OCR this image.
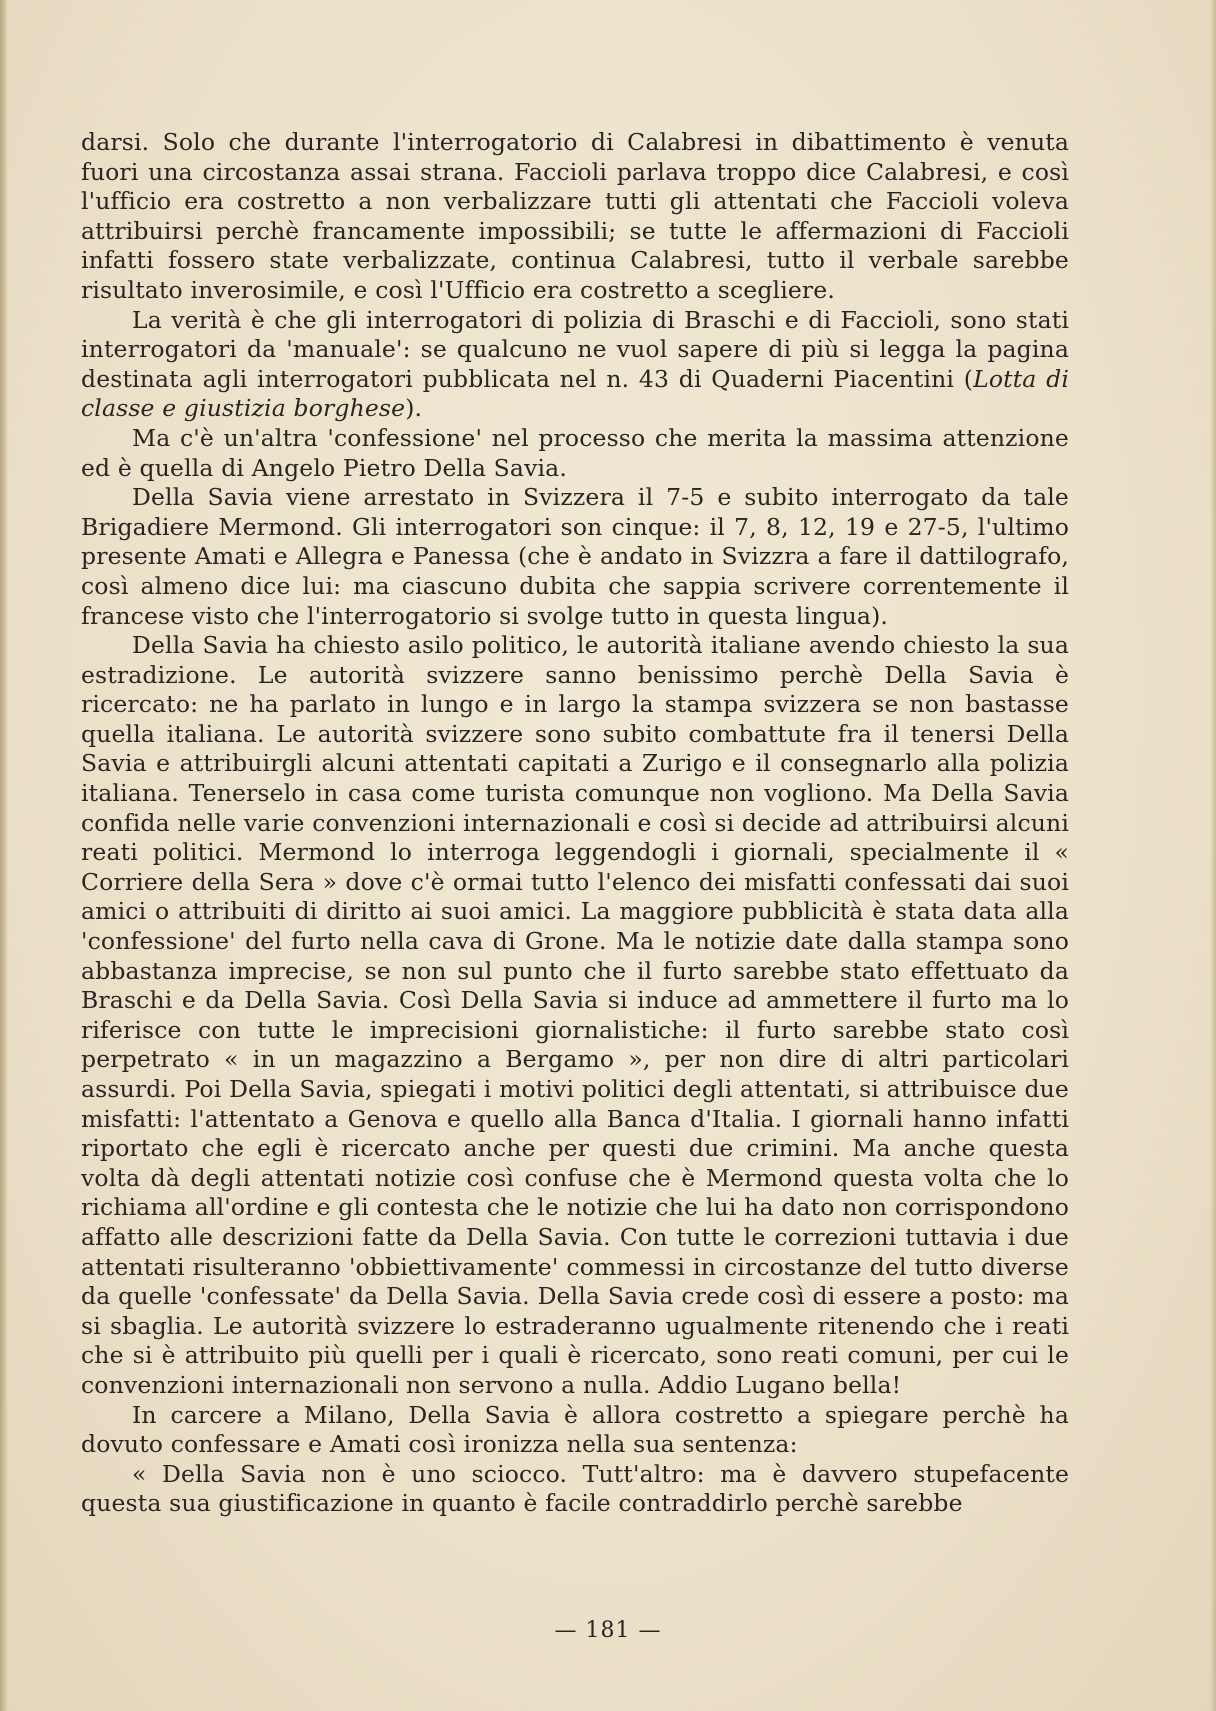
darsi. Solo che durante l'interrogatorio di Calabresi in dibattimento è venuta fuori una circostanza assai strana. Faccioli parlava troppo dice Calabresi, e così l'ufficio era costretto a non verbalizzare tutti gli attentati che Faccioli voleva attribuirsi perchè francamente impossibili; se tutte le affermazioni di Faccioli infatti fossero state verbalizzate, continua Calabresi, tutto il verbale sarebbe risultato inverosimile, e così l'Ufficio era costretto a scegliere.

La verità è che gli interrogatori di polizia di Braschi e di Faccioli, sono stati interrogatori da 'manuale': se qualcuno ne vuol sapere di più si legga la pagina destinata agli interrogatori pubblicata nel n. 43 di Quaderni Piacentini (Lotta di classe e giustizia borghese).

Ma c'è un'altra 'confessione' nel processo che merita la massima attenzione ed è quella di Angelo Pietro Della Savia.

Della Savia viene arrestato in Svizzera il 7-5 e subito interrogato da tale Brigadiere Mermond. Gli interrogatori son cinque: il 7, 8, 12, 19 e 27-5, l'ultimo presente Amati e Allegra e Panessa (che è andato in Svizzra a fare il dattilografo, così almeno dice lui: ma ciascuno dubita che sappia scrivere correntemente il francese visto che l'interrogatorio si svolge tutto in questa lingua).

Della Savia ha chiesto asilo politico, le autorità italiane avendo chiesto la sua estradizione. Le autorità svizzere sanno benissimo perchè Della Savia è ricercato: ne ha parlato in lungo e in largo la stampa svizzera se non bastasse quella italiana. Le autorità svizzere sono subito combattute fra il tenersi Della Savia e attribuirgli alcuni attentati capitati a Zurigo e il consegnarlo alla polizia italiana. Tenerselo in casa come turista comunque non vogliono. Ma Della Savia confida nelle varie convenzioni internazionali e così si decide ad attribuirsi alcuni reati politici. Mermond lo interroga leggendogli i giornali, specialmente il « Corriere della Sera » dove c'è ormai tutto l'elenco dei misfatti confessati dai suoi amici o attribuiti di diritto ai suoi amici. La maggiore pubblicità è stata data alla 'confessione' del furto nella cava di Grone. Ma le notizie date dalla stampa sono abbastanza imprecise, se non sul punto che il furto sarebbe stato effettuato da Braschi e da Della Savia. Così Della Savia si induce ad ammettere il furto ma lo riferisce con tutte le imprecisioni giornalistiche: il furto sarebbe stato così perpetrato « in un magazzino a Bergamo », per non dire di altri particolari assurdi. Poi Della Savia, spiegati i motivi politici degli attentati, si attribuisce due misfatti: l'attentato a Genova e quello alla Banca d'Italia. I giornali hanno infatti riportato che egli è ricercato anche per questi due crimini. Ma anche questa volta dà degli attentati notizie così confuse che è Mermond questa volta che lo richiama all'ordine e gli contesta che le notizie che lui ha dato non corrispondono affatto alle descrizioni fatte da Della Savia. Con tutte le correzioni tuttavia i due attentati risulteranno 'obbiettivamente' commessi in circostanze del tutto diverse da quelle 'confessate' da Della Savia. Della Savia crede così di essere a posto: ma si sbaglia. Le autorità svizzere lo estraderanno ugualmente ritenendo che i reati che si è attribuito più quelli per i quali è ricercato, sono reati comuni, per cui le convenzioni internazionali non servono a nulla. Addio Lugano bella!

In carcere a Milano, Della Savia è allora costretto a spiegare perchè ha dovuto confessare e Amati così ironizza nella sua sentenza:

« Della Savia non è uno sciocco. Tutt'altro: ma è davvero stupefacente questa sua giustificazione in quanto è facile contraddirlo perchè sarebbe

— 181 —
